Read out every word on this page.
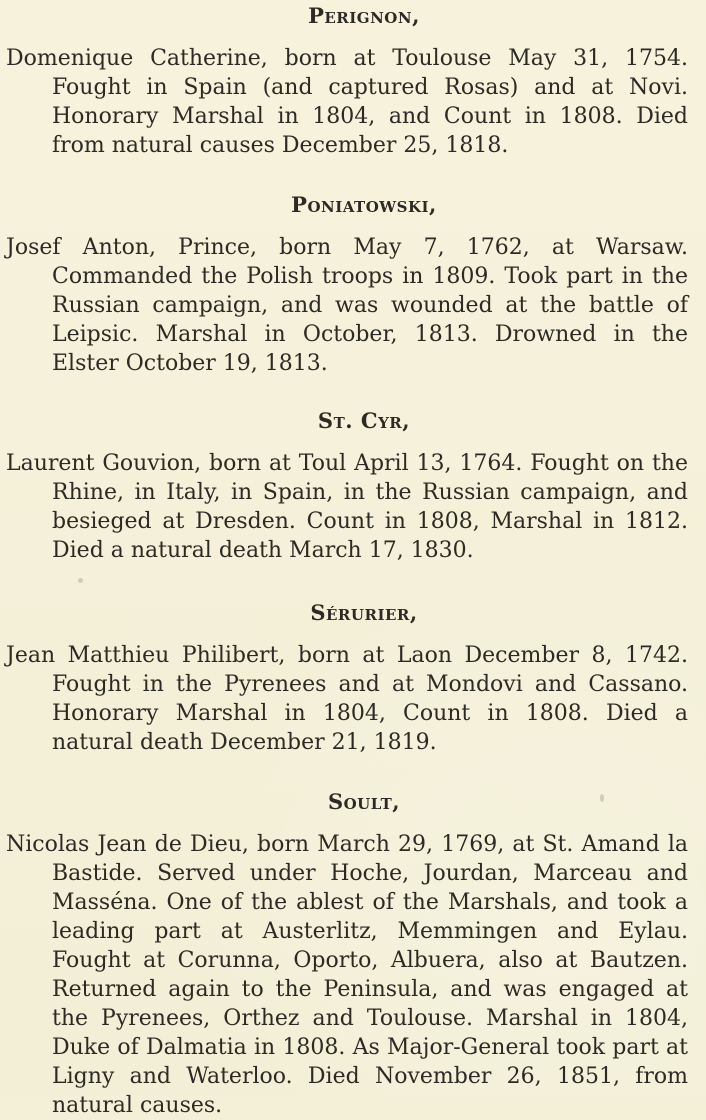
Perignon,

Domenique Catherine, born at Toulouse May 31, 1754. Fought in Spain (and captured Rosas) and at Novi. Honorary Marshal in 1804, and Count in 1808. Died from natural causes December 25, 1818.

Poniatowski,

Josef Anton, Prince, born May 7, 1762, at Warsaw. Commanded the Polish troops in 1809. Took part in the Russian campaign, and was wounded at the battle of Leipsic. Marshal in October, 1813. Drowned in the Elster October 19, 1813.

St. Cyr,

Laurent Gouvion, born at Toul April 13, 1764. Fought on the Rhine, in Italy, in Spain, in the Russian campaign, and besieged at Dresden. Count in 1808, Marshal in 1812. Died a natural death March 17, 1830.

Sérurier,

Jean Matthieu Philibert, born at Laon December 8, 1742. Fought in the Pyrenees and at Mondovi and Cassano. Honorary Marshal in 1804, Count in 1808. Died a natural death December 21, 1819.

Soult,

Nicolas Jean de Dieu, born March 29, 1769, at St. Amand la Bastide. Served under Hoche, Jourdan, Marceau and Masséna. One of the ablest of the Marshals, and took a leading part at Austerlitz, Memmingen and Eylau. Fought at Corunna, Oporto, Albuera, also at Bautzen. Returned again to the Peninsula, and was engaged at the Pyrenees, Orthez and Toulouse. Marshal in 1804, Duke of Dalmatia in 1808. As Major-General took part at Ligny and Waterloo. Died November 26, 1851, from natural causes.
